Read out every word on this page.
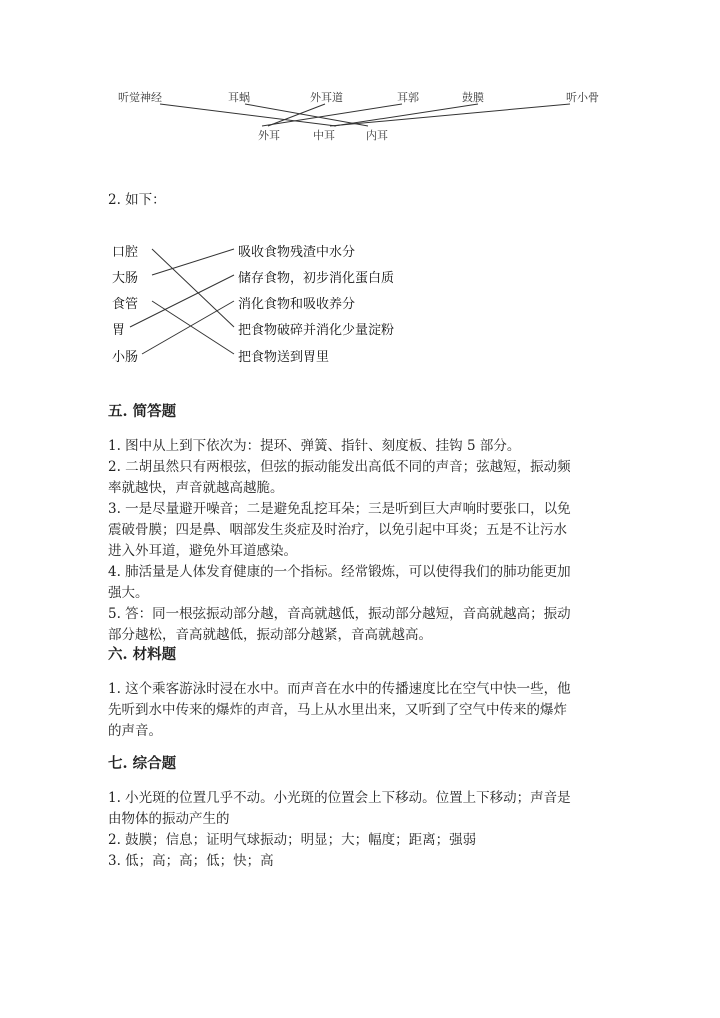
听觉神经	耳蜗	外耳道	耳郭	鼓膜	听小骨
外耳	中耳	内耳
2. 如下：
口腔
大肠
食管
胃
小肠
吸收食物残渣中水分
储存食物，初步消化蛋白质
消化食物和吸收养分
把食物破碎并消化少量淀粉
把食物送到胃里
五. 简答题
1. 图中从上到下依次为：提环、弹簧、指针、刻度板、挂钩 5 部分。
2. 二胡虽然只有两根弦，但弦的振动能发出高低不同的声音；弦越短，振动频
率就越快，声音就越高越脆。
3. 一是尽量避开噪音；二是避免乱挖耳朵；三是听到巨大声响时要张口，以免
震破骨膜；四是鼻、咽部发生炎症及时治疗，以免引起中耳炎；五是不让污水
进入外耳道，避免外耳道感染。
4. 肺活量是人体发育健康的一个指标。经常锻炼，可以使得我们的肺功能更加
强大。
5. 答：同一根弦振动部分越，音高就越低，振动部分越短，音高就越高；振动
部分越松，音高就越低，振动部分越紧，音高就越高。
六. 材料题
1. 这个乘客游泳时浸在水中。而声音在水中的传播速度比在空气中快一些，他
先听到水中传来的爆炸的声音，马上从水里出来，又听到了空气中传来的爆炸
的声音。
七. 综合题
1. 小光斑的位置几乎不动。小光斑的位置会上下移动。位置上下移动；声音是
由物体的振动产生的
2. 鼓膜；信息；证明气球振动；明显；大；幅度；距离；强弱
3. 低；高；高；低；快；高
